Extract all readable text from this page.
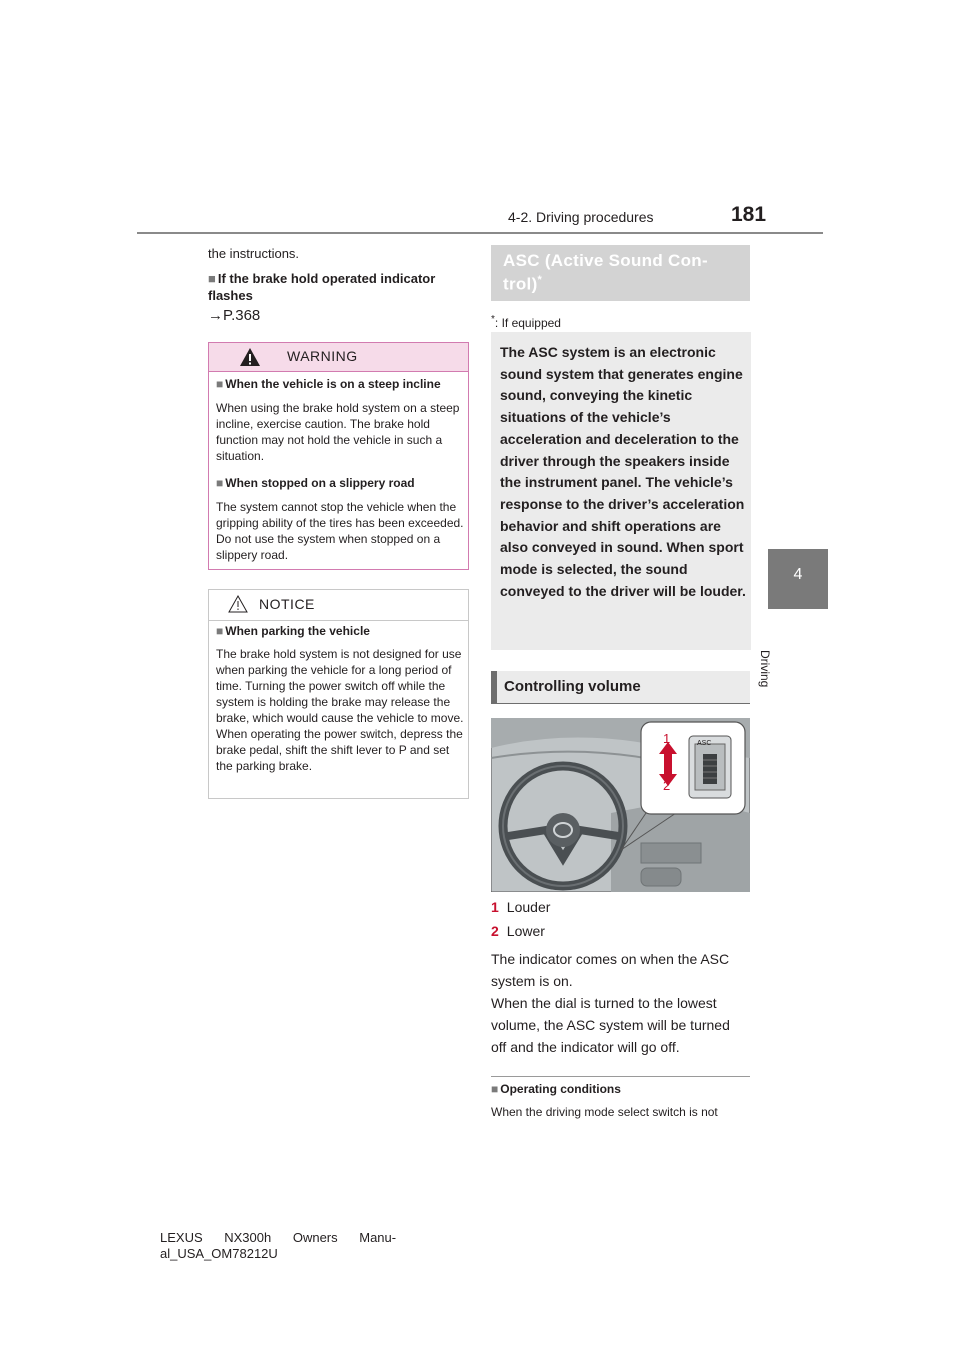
4-2. Driving procedures	181
4
Driving
the instructions.
■ If the brake hold operated indicator flashes
→P.368
WARNING
■ When the vehicle is on a steep incline
When using the brake hold system on a steep incline, exercise caution. The brake hold function may not hold the vehicle in such a situation.
■ When stopped on a slippery road
The system cannot stop the vehicle when the gripping ability of the tires has been exceeded. Do not use the system when stopped on a slippery road.
NOTICE
■ When parking the vehicle
The brake hold system is not designed for use when parking the vehicle for a long period of time. Turning the power switch off while the system is holding the brake may release the brake, which would cause the vehicle to move. When operating the power switch, depress the brake pedal, shift the shift lever to P and set the parking brake.
ASC (Active Sound Con-
trol)*
*: If equipped
The ASC system is an electronic sound system that generates engine sound, conveying the kinetic situations of the vehicle’s acceleration and deceleration to the driver through the speakers inside the instrument panel. The vehicle’s response to the driver’s acceleration behavior and shift operations are also conveyed in sound. When sport mode is selected, the sound conveyed to the driver will be louder.
Controlling volume
1
2
ASC
1 Louder
2 Lower
The indicator comes on when the ASC system is on.
When the dial is turned to the lowest volume, the ASC system will be turned off and the indicator will go off.
■ Operating conditions
When the driving mode select switch is not
LEXUS NX300h Owners Manu-
al_USA_OM78212U
